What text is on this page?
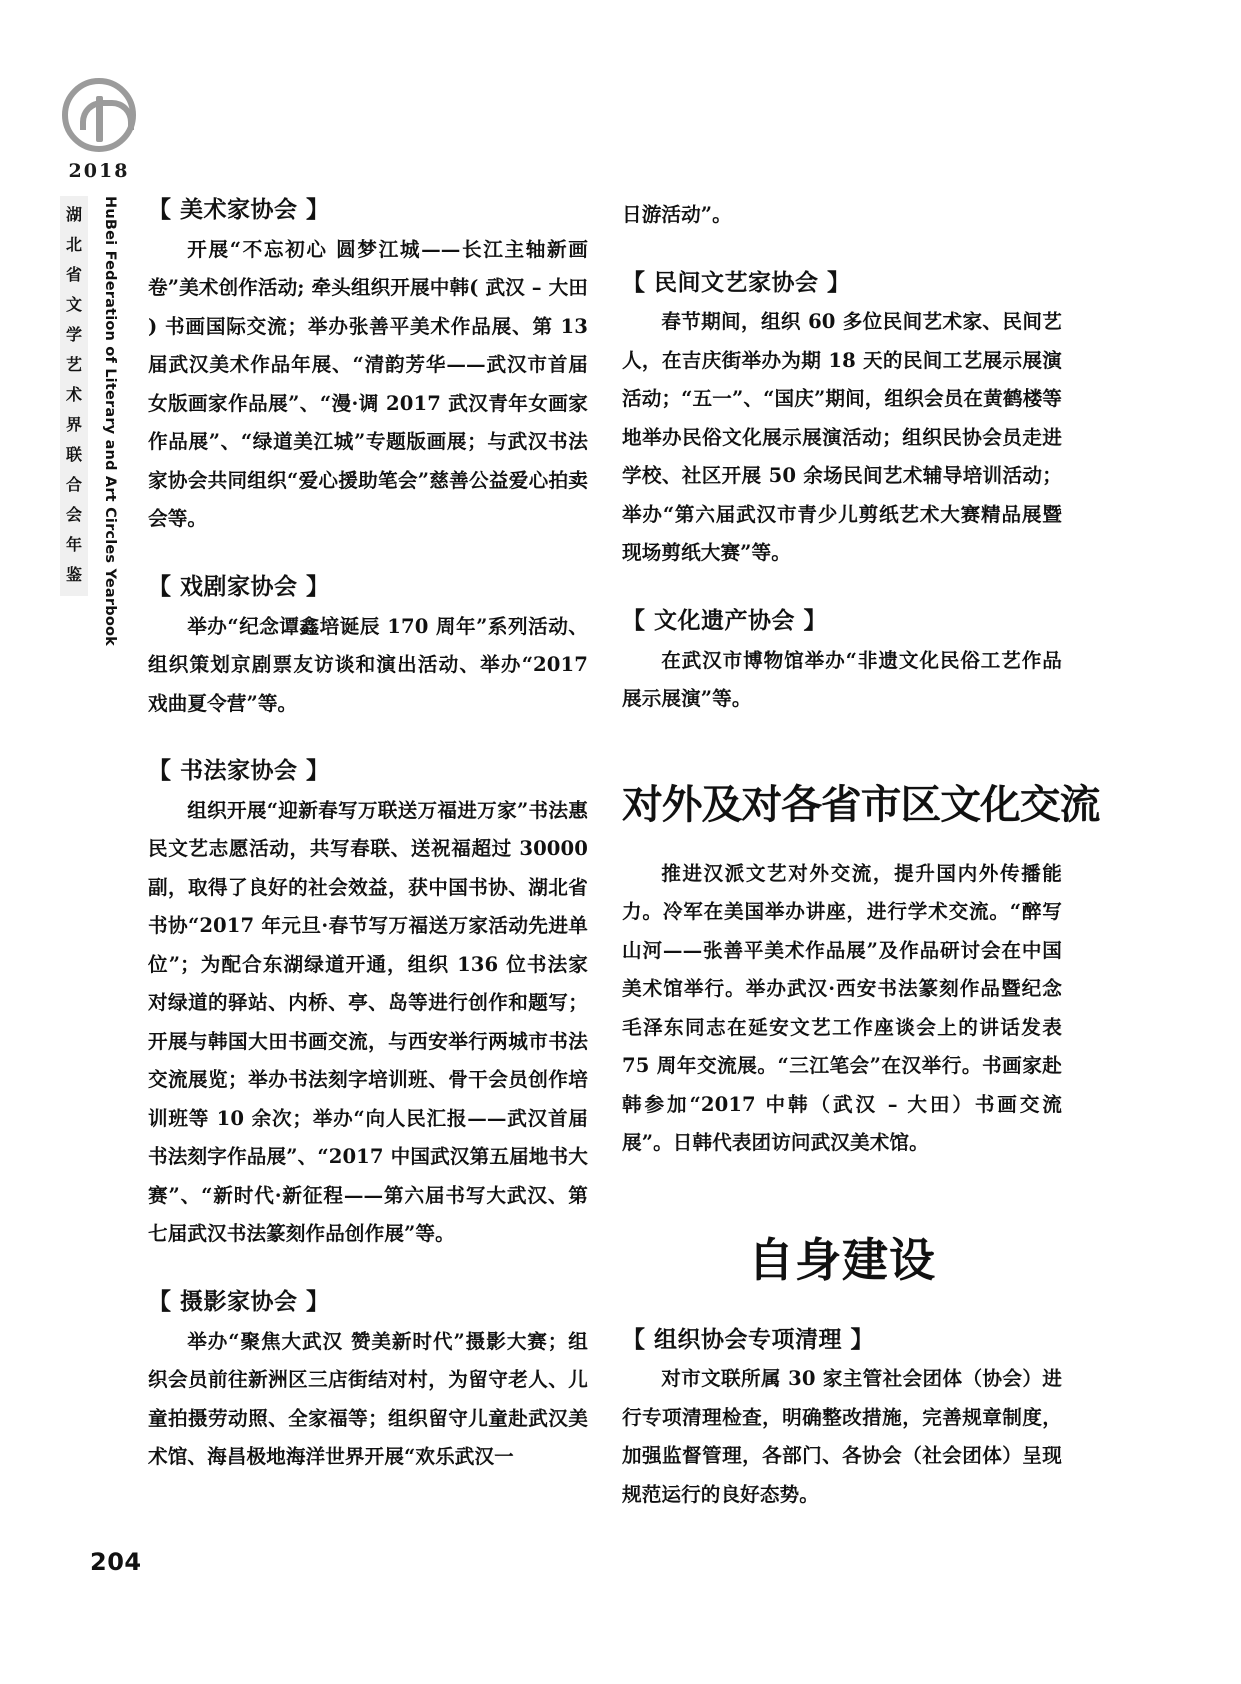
2018
湖
北
省
文
学
艺
术
界
联
合
会
年
鉴	HuBei Federation of Literary and Art Circles Yearbook 【 美术家协会 】

开展“不忘初心 圆梦江城——长江主轴新画卷”美术创作活动; 牵头组织开展中韩( 武汉 – 大田 ) 书画国际交流；举办张善平美术作品展、第 13 届武汉美术作品年展、“清韵芳华——武汉市首届女版画家作品展”、“漫·调 2017 武汉青年女画家作品展”、“绿道美江城”专题版画展；与武汉书法家协会共同组织“爱心援助笔会”慈善公益爱心拍卖会等。

【 戏剧家协会 】

举办“纪念谭鑫培诞辰 170 周年”系列活动、组织策划京剧票友访谈和演出活动、举办“2017 戏曲夏令营”等。

【 书法家协会 】

组织开展“迎新春写万联送万福进万家”书法惠民文艺志愿活动，共写春联、送祝福超过 30000 副，取得了良好的社会效益，获中国书协、湖北省书协“2017 年元旦·春节写万福送万家活动先进单位”；为配合东湖绿道开通，组织 136 位书法家对绿道的驿站、内桥、亭、岛等进行创作和题写；开展与韩国大田书画交流，与西安举行两城市书法交流展览；举办书法刻字培训班、骨干会员创作培训班等 10 余次；举办“向人民汇报——武汉首届书法刻字作品展”、“2017 中国武汉第五届地书大赛”、“新时代·新征程——第六届书写大武汉、第七届武汉书法篆刻作品创作展”等。

【 摄影家协会 】

举办“聚焦大武汉 赞美新时代”摄影大赛；组织会员前往新洲区三店街结对村，为留守老人、儿童拍摄劳动照、全家福等；组织留守儿童赴武汉美术馆、海昌极地海洋世界开展“欢乐武汉一

日游活动”。

【 民间文艺家协会 】

春节期间，组织 60 多位民间艺术家、民间艺人，在吉庆街举办为期 18 天的民间工艺展示展演活动；“五一”、“国庆”期间，组织会员在黄鹤楼等地举办民俗文化展示展演活动；组织民协会员走进学校、社区开展 50 余场民间艺术辅导培训活动；举办“第六届武汉市青少儿剪纸艺术大赛精品展暨现场剪纸大赛”等。

【 文化遗产协会 】

在武汉市博物馆举办“非遗文化民俗工艺作品展示展演”等。

对外及对各省市区文化交流

推进汉派文艺对外交流，提升国内外传播能力。冷军在美国举办讲座，进行学术交流。“醉写山河——张善平美术作品展”及作品研讨会在中国美术馆举行。举办武汉·西安书法篆刻作品暨纪念毛泽东同志在延安文艺工作座谈会上的讲话发表 75 周年交流展。“三江笔会”在汉举行。书画家赴韩参加“2017 中韩（武汉 – 大田）书画交流展”。日韩代表团访问武汉美术馆。

自身建设
【 组织协会专项清理 】

对市文联所属 30 家主管社会团体（协会）进行专项清理检查，明确整改措施，完善规章制度，加强监督管理，各部门、各协会（社会团体）呈现规范运行的良好态势。

204
